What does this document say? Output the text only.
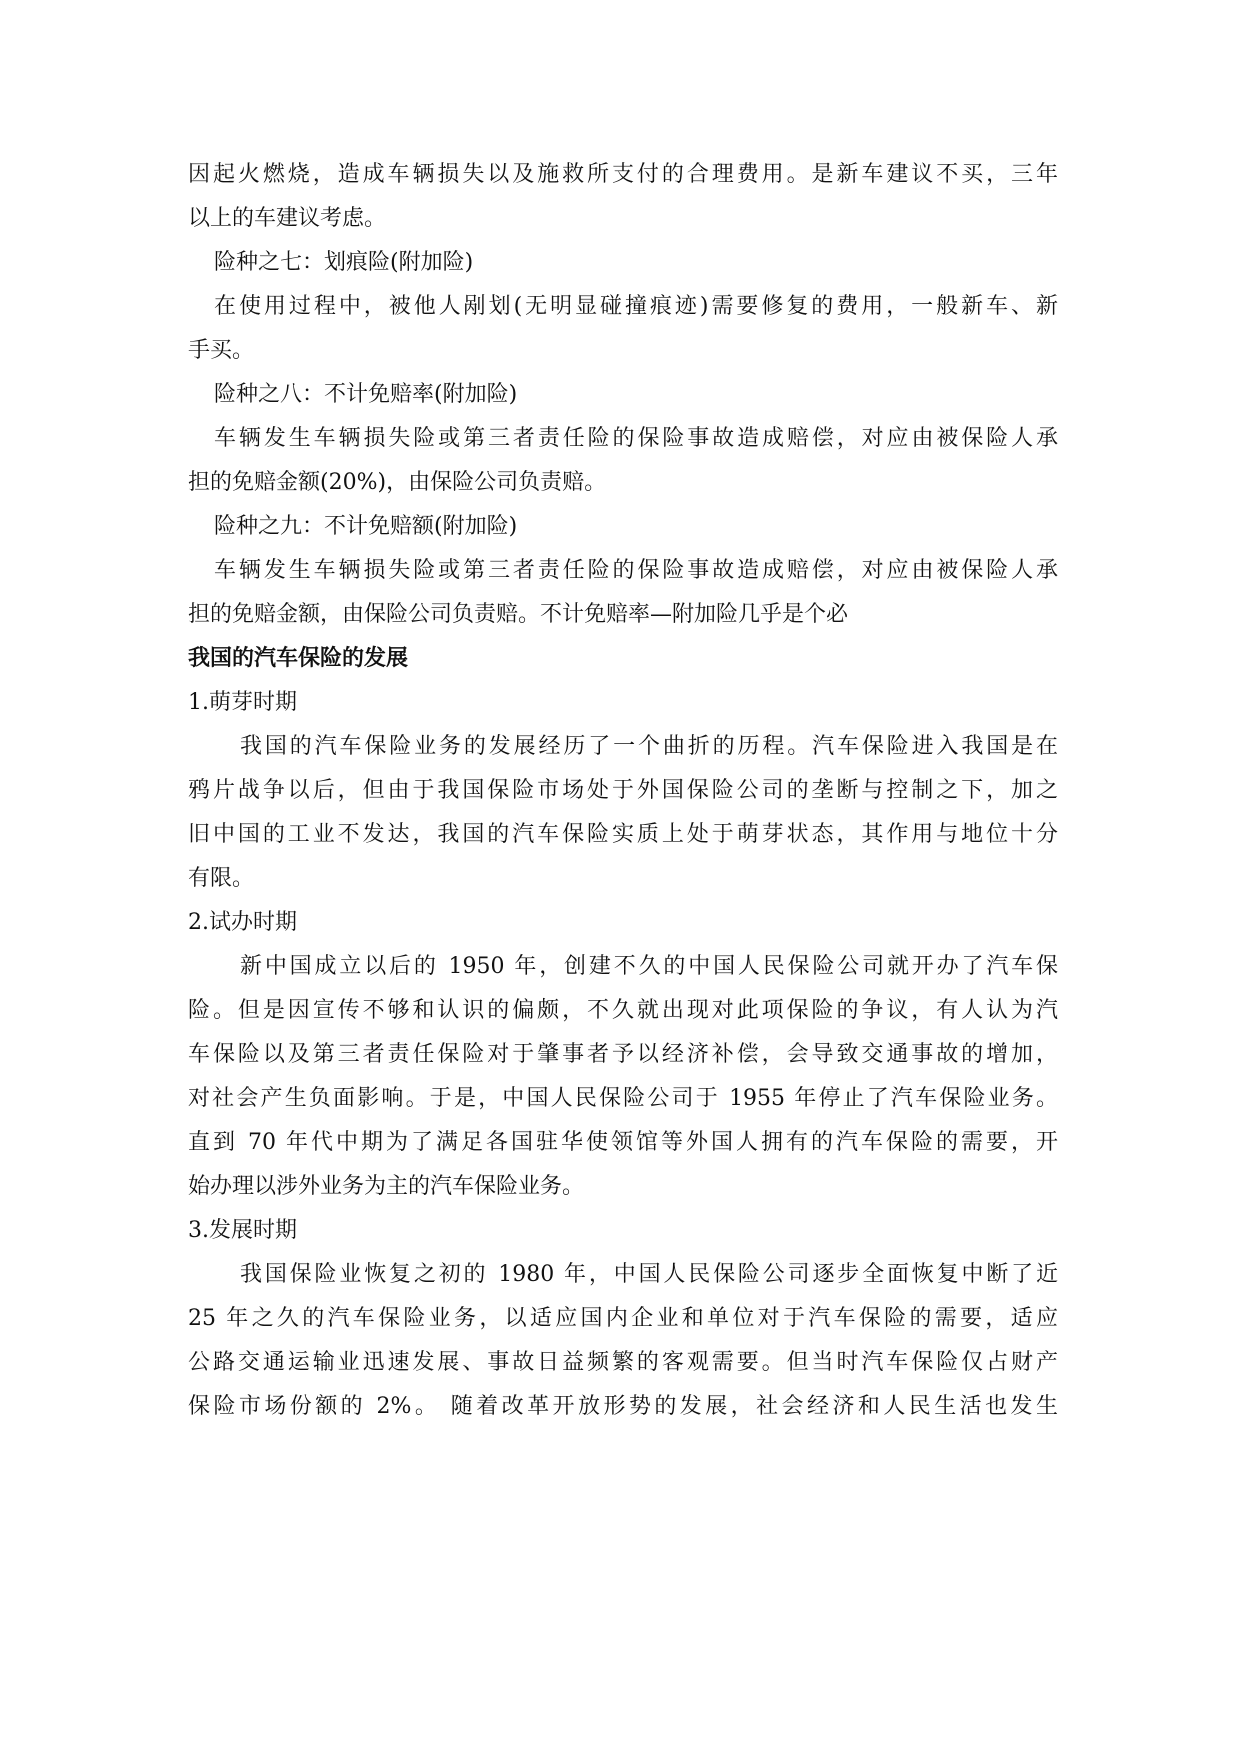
因起火燃烧，造成车辆损失以及施救所支付的合理费用。是新车建议不买，三年
以上的车建议考虑。
险种之七：划痕险(附加险)
在使用过程中，被他人剐划(无明显碰撞痕迹)需要修复的费用，一般新车、新
手买。
险种之八：不计免赔率(附加险)
车辆发生车辆损失险或第三者责任险的保险事故造成赔偿，对应由被保险人承
担的免赔金额(20%)，由保险公司负责赔。
险种之九：不计免赔额(附加险)
车辆发生车辆损失险或第三者责任险的保险事故造成赔偿，对应由被保险人承
担的免赔金额，由保险公司负责赔。不计免赔率—附加险几乎是个必
我国的汽车保险的发展
1.萌芽时期
我国的汽车保险业务的发展经历了一个曲折的历程。汽车保险进入我国是在
鸦片战争以后，但由于我国保险市场处于外国保险公司的垄断与控制之下，加之
旧中国的工业不发达，我国的汽车保险实质上处于萌芽状态，其作用与地位十分
有限。
2.试办时期
新中国成立以后的 1950 年，创建不久的中国人民保险公司就开办了汽车保
险。但是因宣传不够和认识的偏颇，不久就出现对此项保险的争议，有人认为汽
车保险以及第三者责任保险对于肇事者予以经济补偿，会导致交通事故的增加，
对社会产生负面影响。于是，中国人民保险公司于 1955 年停止了汽车保险业务。
直到 70 年代中期为了满足各国驻华使领馆等外国人拥有的汽车保险的需要，开
始办理以涉外业务为主的汽车保险业务。
3.发展时期
我国保险业恢复之初的 1980 年，中国人民保险公司逐步全面恢复中断了近
25 年之久的汽车保险业务，以适应国内企业和单位对于汽车保险的需要，适应
公路交通运输业迅速发展、事故日益频繁的客观需要。但当时汽车保险仅占财产
保险市场份额的 2%。 随着改革开放形势的发展，社会经济和人民生活也发生
